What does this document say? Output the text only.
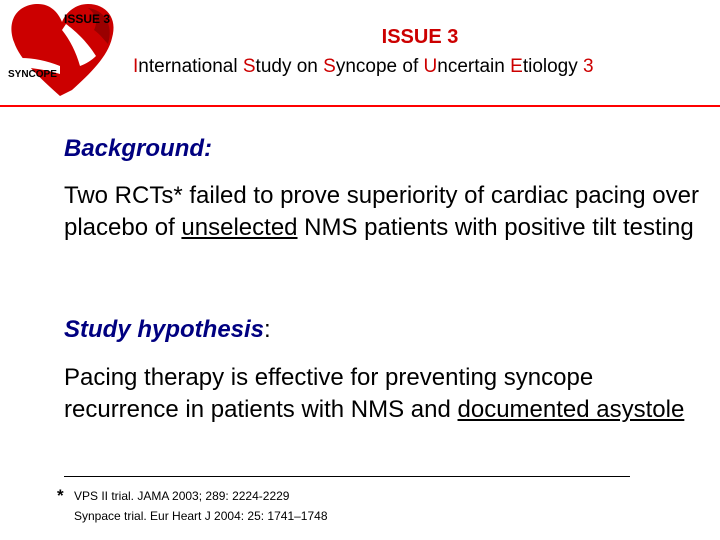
ISSUE 3
SYNCOPE
ISSUE 3
International Study on Syncope of Uncertain Etiology 3
Background:
Two RCTs* failed to prove superiority of cardiac pacing over placebo of unselected NMS patients with positive tilt testing
Study hypothesis:
Pacing therapy is effective for preventing syncope recurrence in patients with NMS and documented asystole
* VPS II trial. JAMA 2003; 289: 2224-2229
Synpace trial. Eur Heart J 2004: 25: 1741–1748
